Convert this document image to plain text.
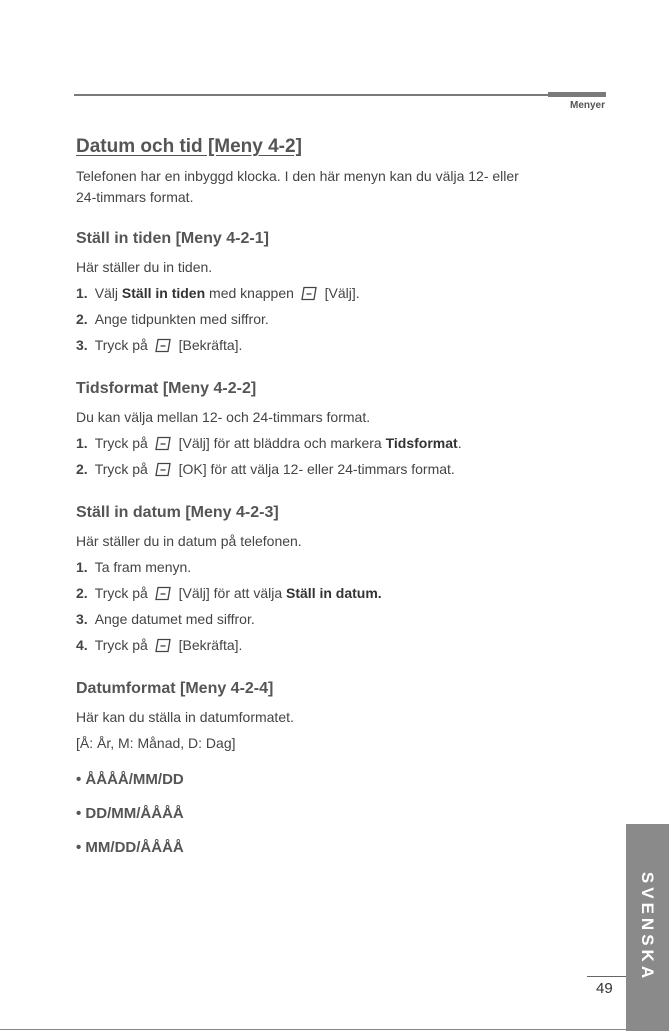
Menyer
Datum och tid [Meny 4-2]

Telefonen har en inbyggd klocka. I den här menyn kan du välja 12- eller

24-timmars format.

Ställ in tiden [Meny 4-2-1]

Här ställer du in tiden.

1. Välj Ställ in tiden med knappen  [Välj].
2. Ange tidpunkten med siffror.
3. Tryck på  [Bekräfta].
Tidsformat [Meny 4-2-2]

Du kan välja mellan 12- och 24-timmars format.

1. Tryck på  [Välj] för att bläddra och markera Tidsformat.
2. Tryck på  [OK] för att välja 12- eller 24-timmars format.
Ställ in datum [Meny 4-2-3]

Här ställer du in datum på telefonen.

1. Ta fram menyn.
2. Tryck på  [Välj] för att välja Ställ in datum.
3. Ange datumet med siffror.
4. Tryck på  [Bekräfta].
Datumformat [Meny 4-2-4]

Här kan du ställa in datumformatet.

[Å: År, M: Månad, D: Dag]

• ÅÅÅÅ/MM/DD
• DD/MM/ÅÅÅÅ
• MM/DD/ÅÅÅÅ
SVENSKA
49
